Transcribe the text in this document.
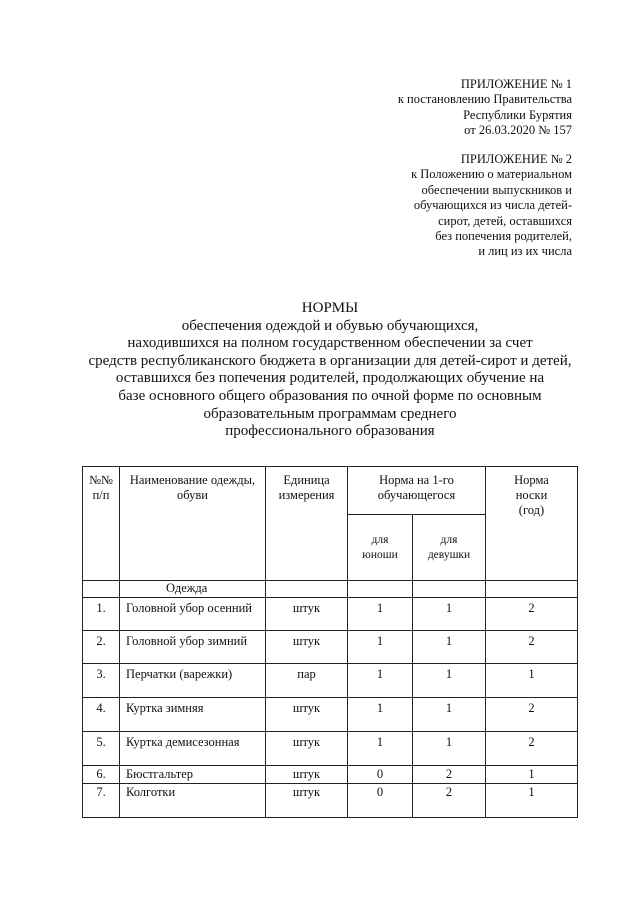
ПРИЛОЖЕНИЕ № 1
к постановлению Правительства
Республики Бурятия
от 26.03.2020 № 157
ПРИЛОЖЕНИЕ № 2
к Положению о материальном
обеспечении выпускников и
обучающихся из числа детей-
сирот, детей, оставшихся
без попечения родителей,
и лиц из их числа
НОРМЫ
обеспечения одеждой и обувью обучающихся,
находившихся на полном государственном обеспечении за счет
средств республиканского бюджета в организации для детей-сирот и детей,
оставшихся без попечения родителей, продолжающих обучение на
базе основного общего образования по очной форме по основным
образовательным программам среднего
профессионального образования
№№ п/п	Наименование одежды, обуви	Единица измерения	Норма на 1-го обучающегося		Норма носки (год)
			для юноши	для девушки	
	Одежда				
1.	Головной убор осенний	штук	1	1	2
2.	Головной убор зимний	штук	1	1	2
3.	Перчатки (варежки)	пар	1	1	1
4.	Куртка зимняя	штук	1	1	2
5.	Куртка демисезонная	штук	1	1	2
6.	Бюстгальтер	штук	0	2	1
7.	Колготки	штук	0	2	1
